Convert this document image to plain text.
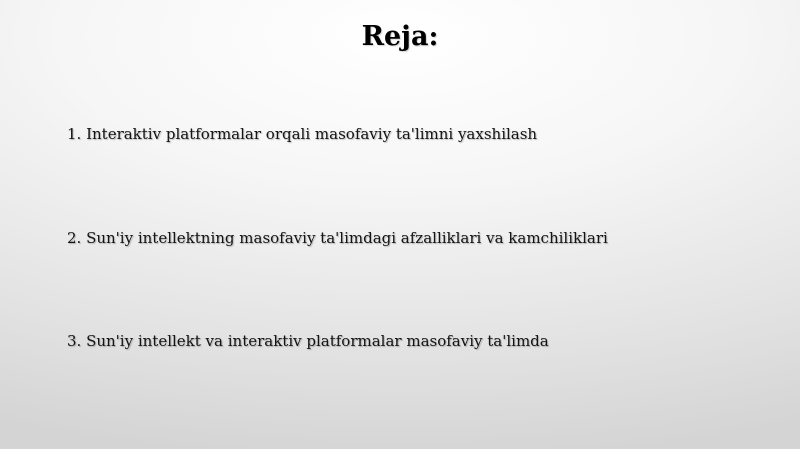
Reja:
1. Interaktiv platformalar orqali masofaviy ta'limni yaxshilash
2. Sun'iy intellektning masofaviy ta'limdagi afzalliklari va kamchiliklari
3. Sun'iy intellekt va interaktiv platformalar masofaviy ta'limda
